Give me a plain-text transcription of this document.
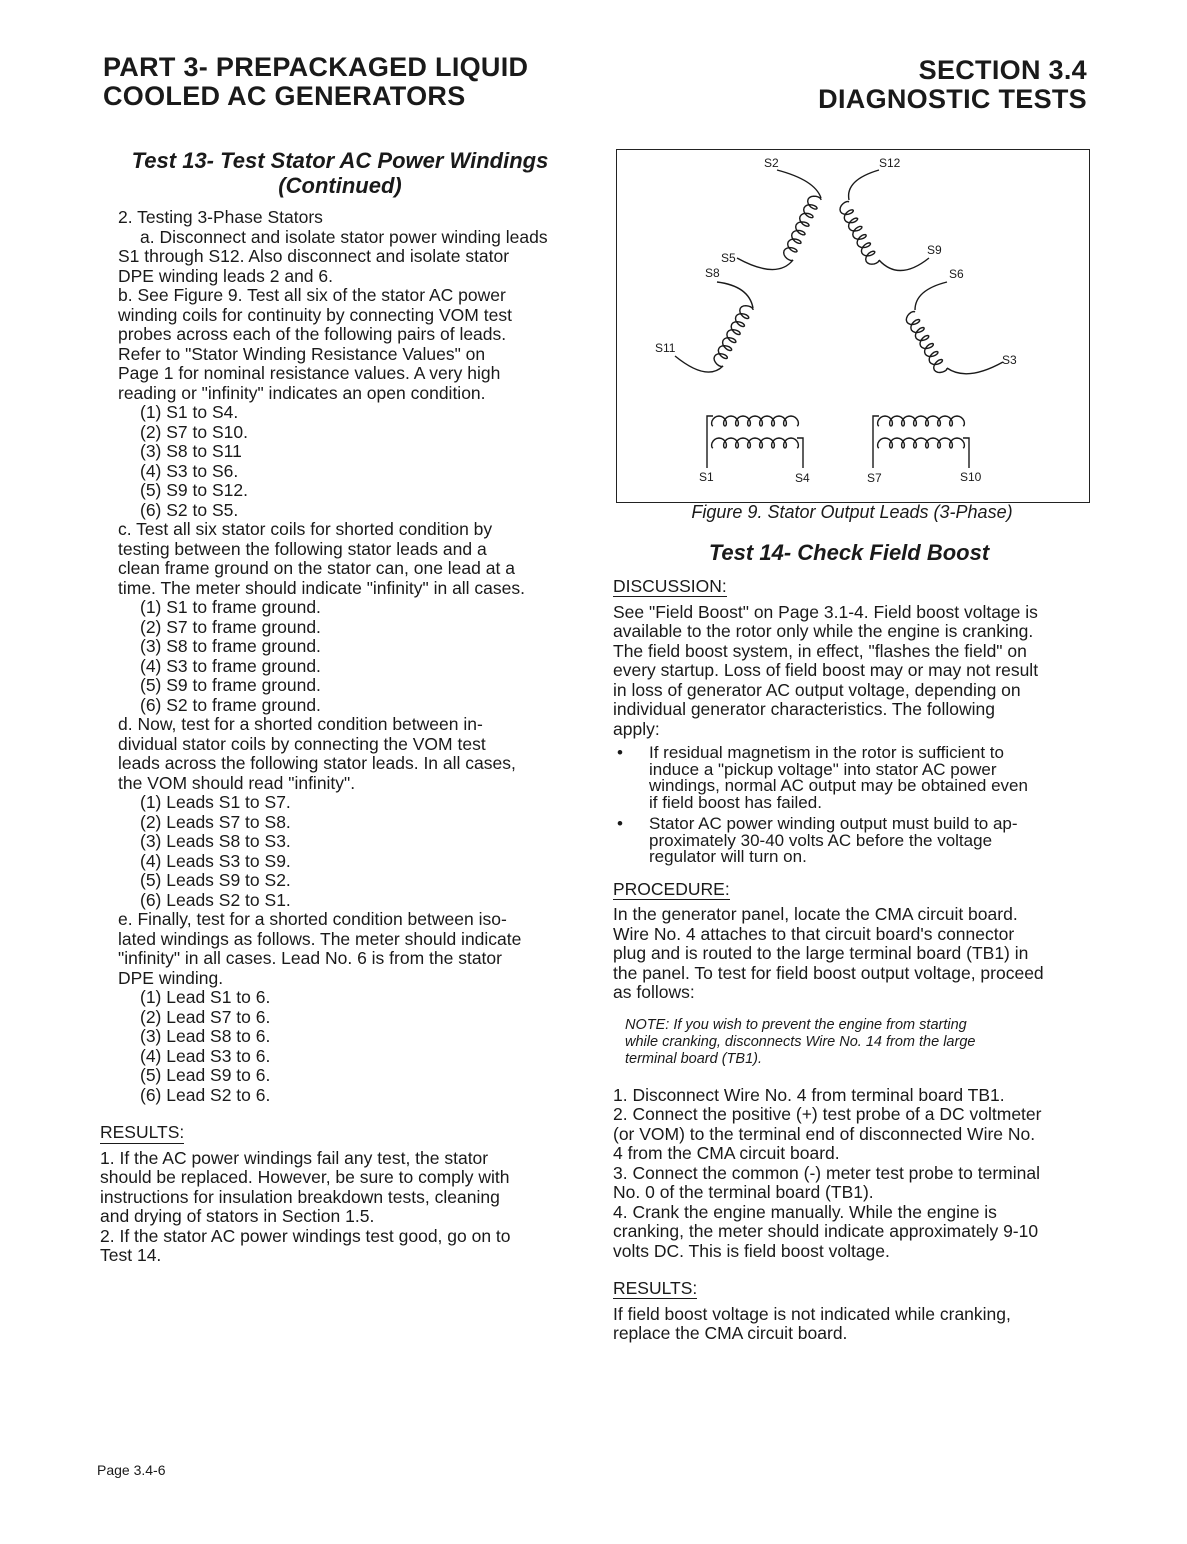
PART 3- PREPACKAGED LIQUID
COOLED AC GENERATORS
SECTION 3.4
DIAGNOSTIC TESTS
Test 13- Test Stator AC Power Windings
(Continued)
2. Testing 3-Phase Stators
a. Disconnect and isolate stator power winding leads
S1 through S12. Also disconnect and isolate stator
DPE winding leads 2 and 6.
b. See Figure 9. Test all six of the stator AC power
winding coils for continuity by connecting VOM test
probes across each of the following pairs of leads.
Refer to "Stator Winding Resistance Values" on
Page 1 for nominal resistance values. A very high
reading or "infinity" indicates an open condition.
(1) S1 to S4.
(2) S7 to S10.
(3) S8 to S11
(4) S3 to S6.
(5) S9 to S12.
(6) S2 to S5.
c. Test all six stator coils for shorted condition by
testing between the following stator leads and a
clean frame ground on the stator can, one lead at a
time. The meter should indicate "infinity" in all cases.
(1) S1 to frame ground.
(2) S7 to frame ground.
(3) S8 to frame ground.
(4) S3 to frame ground.
(5) S9 to frame ground.
(6) S2 to frame ground.
d. Now, test for a shorted condition between in-
dividual stator coils by connecting the VOM test
leads across the following stator leads. In all cases,
the VOM should read "infinity".
(1) Leads S1 to S7.
(2) Leads S7 to S8.
(3) Leads S8 to S3.
(4) Leads S3 to S9.
(5) Leads S9 to S2.
(6) Leads S2 to S1.
e. Finally, test for a shorted condition between iso-
lated windings as follows. The meter should indicate
"infinity" in all cases. Lead No. 6 is from the stator
DPE winding.
(1) Lead S1 to 6.
(2) Lead S7 to 6.
(3) Lead S8 to 6.
(4) Lead S3 to 6.
(5) Lead S9 to 6.
(6) Lead S2 to 6.
RESULTS:
1. If the AC power windings fail any test, the stator
should be replaced. However, be sure to comply with
instructions for insulation breakdown tests, cleaning
and drying of stators in Section 1.5.
2. If the stator AC power windings test good, go on to
Test 14.
S2	S12
S5
S8
S9
S6
S11
S3
S1	S4	S7	S10
Figure 9. Stator Output Leads (3-Phase)
Test 14- Check Field Boost
DISCUSSION:
See "Field Boost" on Page 3.1-4. Field boost voltage is
available to the rotor only while the engine is cranking.
The field boost system, in effect, "flashes the field" on
every startup. Loss of field boost may or may not result
in loss of generator AC output voltage, depending on
individual generator characteristics. The following
apply:
• If residual magnetism in the rotor is sufficient to
induce a "pickup voltage" into stator AC power
windings, normal AC output may be obtained even
if field boost has failed.
• Stator AC power winding output must build to ap-
proximately 30-40 volts AC before the voltage
regulator will turn on.
PROCEDURE:
In the generator panel, locate the CMA circuit board.
Wire No. 4 attaches to that circuit board's connector
plug and is routed to the large terminal board (TB1) in
the panel. To test for field boost output voltage, proceed
as follows:
NOTE: If you wish to prevent the engine from starting
while cranking, disconnects Wire No. 14 from the large
terminal board (TB1).
1. Disconnect Wire No. 4 from terminal board TB1.
2. Connect the positive (+) test probe of a DC voltmeter
(or VOM) to the terminal end of disconnected Wire No.
4 from the CMA circuit board.
3. Connect the common (-) meter test probe to terminal
No. 0 of the terminal board (TB1).
4. Crank the engine manually. While the engine is
cranking, the meter should indicate approximately 9-10
volts DC. This is field boost voltage.
RESULTS:
If field boost voltage is not indicated while cranking,
replace the CMA circuit board.
Page 3.4-6
